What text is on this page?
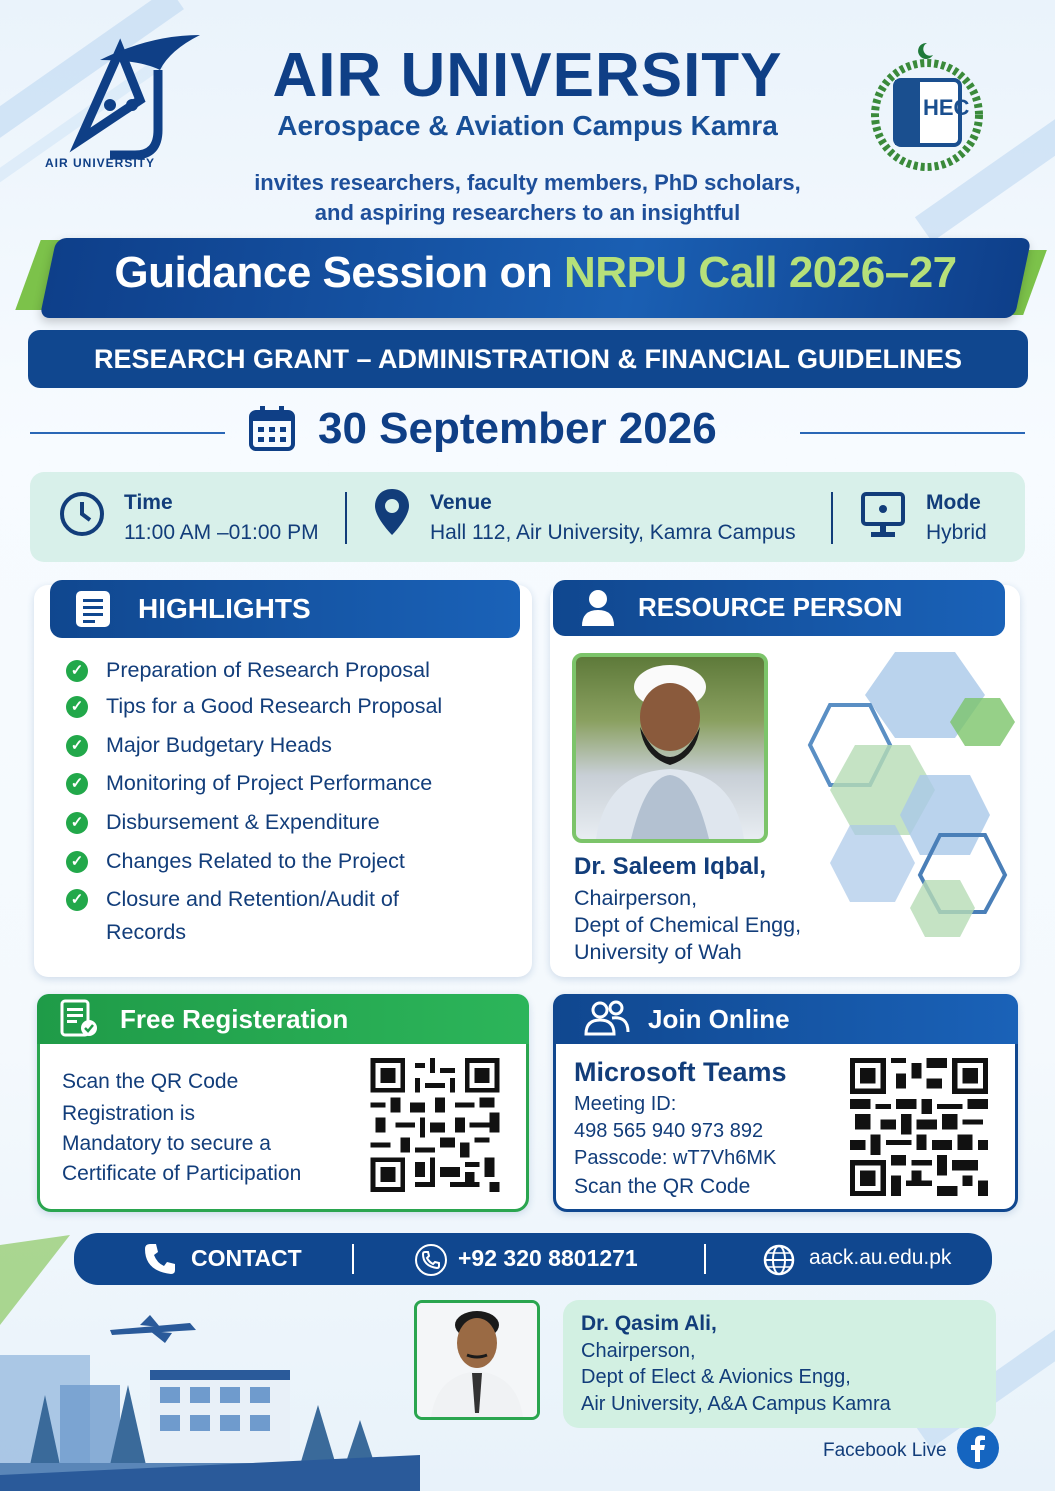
AIR UNIVERSITY
HEC
AIR UNIVERSITY
Aerospace & Aviation Campus Kamra
invites researchers, faculty members, PhD scholars,
and aspiring researchers to an insightful
Guidance Session on NRPU Call 2026–27
RESEARCH GRANT – ADMINISTRATION & FINANCIAL GUIDELINES
30 September 2026
Time
11:00 AM –01:00 PM
Venue
Hall 112, Air University, Kamra Campus
Mode
Hybrid
HIGHLIGHTS
✓ Preparation of Research Proposal
✓ Tips for a Good Research Proposal
✓ Major Budgetary Heads
✓ Monitoring of Project Performance
✓ Disbursement & Expenditure
✓ Changes Related to the Project
✓ Closure and Retention/Audit of
Records
RESOURCE PERSON
Dr. Saleem Iqbal,
Chairperson,
Dept of Chemical Engg,
University of Wah
Free Registeration
Scan the QR Code
Registration is
Mandatory to secure a
Certificate of Participation
Join Online
Microsoft Teams
Meeting ID:
498 565 940 973 892
Passcode: wT7Vh6MK
Scan the QR Code
CONTACT	+92 320 8801271	aack.au.edu.pk
Dr. Qasim Ali,
Chairperson,
Dept of Elect & Avionics Engg,
Air University, A&A Campus Kamra
Facebook Live
